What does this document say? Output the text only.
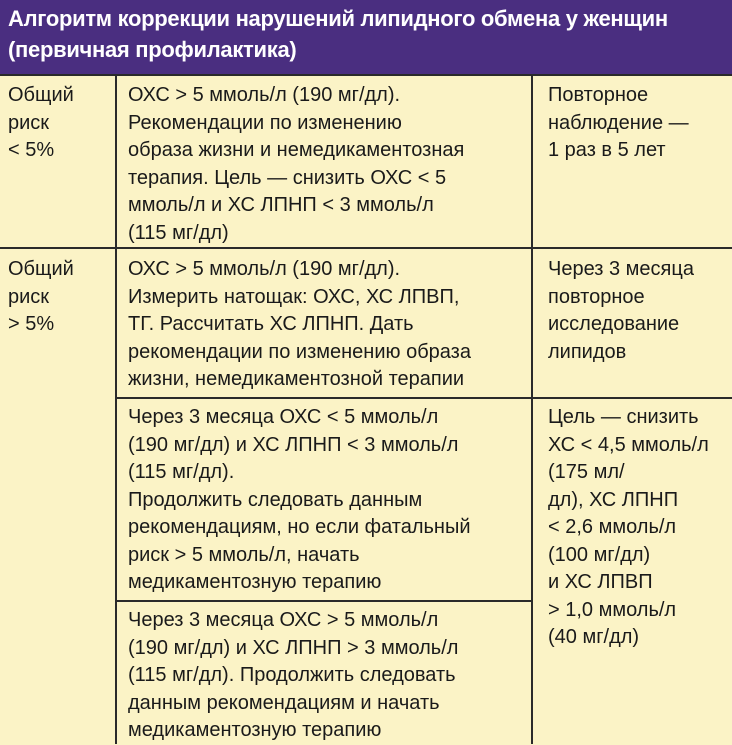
Алгоритм коррекции нарушений липидного обмена у женщин
(первичная профилактика)
Общий
риск
< 5%
ОХС > 5 ммоль/л (190 мг/дл).
Рекомендации по изменению
образа жизни и немедикаментозная
терапия. Цель — снизить ОХС < 5
ммоль/л и ХС ЛПНП < 3 ммоль/л
(115 мг/дл)
Повторное
наблюдение —
1 раз в 5 лет
Общий
риск
> 5%
ОХС > 5 ммоль/л (190 мг/дл).
Измерить натощак: ОХС, ХС ЛПВП,
ТГ. Рассчитать ХС ЛПНП. Дать
рекомендации по изменению образа
жизни, немедикаментозной терапии
Через 3 месяца
повторное
исследование
липидов
Через 3 месяца ОХС < 5 ммоль/л
(190 мг/дл) и ХС ЛПНП < 3 ммоль/л
(115 мг/дл).
Продолжить следовать данным
рекомендациям, но если фатальный
риск > 5 ммоль/л, начать
медикаментозную терапию
Цель — снизить
ХС < 4,5 ммоль/л
(175 мл/
дл), ХС ЛПНП
< 2,6 ммоль/л
(100 мг/дл)
и ХС ЛПВП
> 1,0 ммоль/л
(40 мг/дл)
Через 3 месяца ОХС > 5 ммоль/л
(190 мг/дл) и ХС ЛПНП > 3 ммоль/л
(115 мг/дл). Продолжить следовать
данным рекомендациям и начать
медикаментозную терапию
